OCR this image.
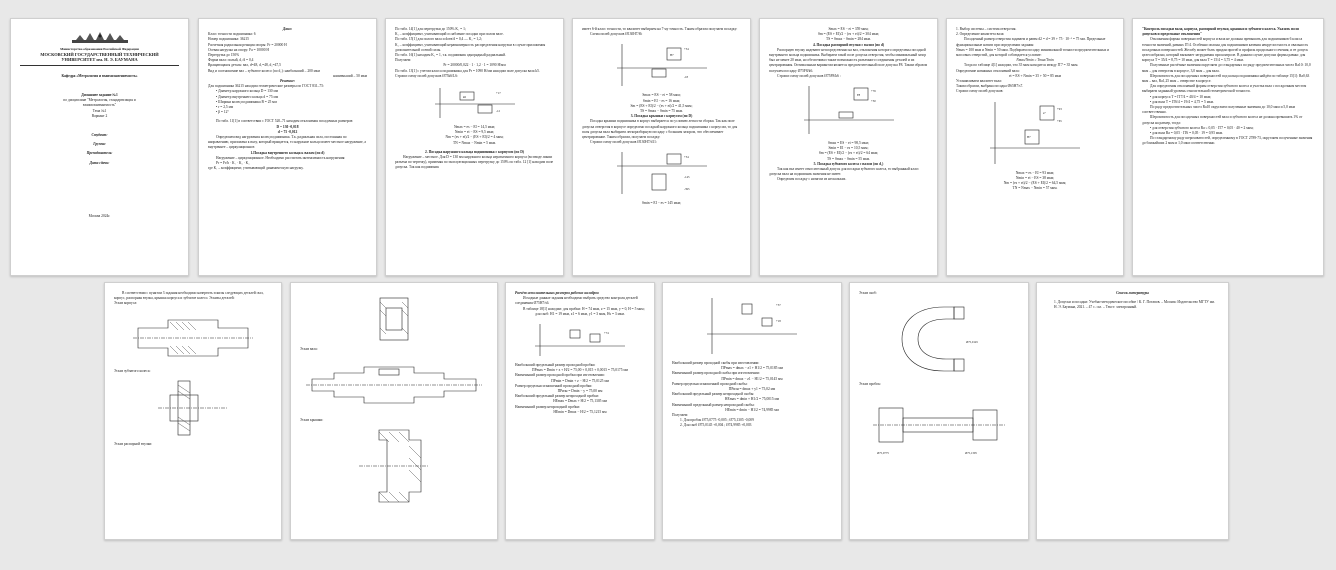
Министерство образования Российской Федерации
МОСКОВСКИЙ ГОСУДАРСТВЕННЫЙ ТЕХНИЧЕСКИЙ
УНИВЕРСИТЕТ им. Н. Э. БАУМАНА
Кафедра «Метрология и взаимозаменяемость»
Домашнее задание №1
по дисциплине "Метрология, стандартизация и
взаимозаменяемость"
Тема №1
Вариант 2
Студент:
Группа:
Преподаватель:
Дата сдачи:
Москва 2024г.
Дано:
Класс точности подшипника: 6
Номер подшипника: 36215
Расчетная радиальная реакция опоры: Fr = 20000 Н
Осевая нагрузка на опору: Fa = 10000 Н
Перегрузка до 150%
Форма вала: полый, d₁/d = 0,4
Вращающаяся деталь: вал, d=48, d₁=48, d₂=47,5
Вид и соотношение вал – зубчатое колесо (по d₂): наибольший – 200 мкм
наименьший – 50 мкм
Решение:
Для подшипника 36215 находим геометрические размеры по ГОСТ 831–75:
• Диаметр наружного кольца D = 130 мм
• Диаметр внутреннего кольца d = 75 мм
• Ширина колец подшипника B = 25 мм
• r = 2,5 мм
• β = 12°
По табл. 11[1] в соответствии с ГОСТ 520–71 находим отклонения посадочных размеров:
D = 130 -0,018
d = 75 -0,012
Определяем вид нагружения колец подшипника. Т.к. радиальная сила, постоянная по направлению, приложена к валу, который вращается, то наружное кольцо имеет местное нагружение, а внутреннее – циркуляционное.
1.Посадка внутреннего кольца к валам (по d)
Нагружение – циркуляционное. Необходимо рассчитать интенсивность нагружения:
Pr = Fr/b · K₁ · K₂ · K₃
где K₁ – коэффициент, учитывающий динамическую нагрузку.
По табл. 14[1] для перегрузки до 150% K₁ = 1;
K₂ – коэффициент, учитывающий ослабление посадки при полом вале.
По табл. 15[1] для полого вала и dотв/d = 0,4 — K₂ = 1,2;
K₃ – коэффициент, учитывающий неравномерность распределения нагрузки в случае приложения дополнительной осевой силы.
По табл. 16[1] находим K₃ = 1, т.к. подшипник однорядный радиальный.
Получаем:
Pr = 20000/0,022 · 1 · 1,2 · 1 = 1090 Н/мм
По табл. 13[1] с учетом класса подшипника для Pr = 1090 Н/мм находим поле допуска вала k5.
Строим схему полей допусков Ø75k6/L6:
+17
-12
k6
Nmax = es − EI = 14,5 мкм;
Nmin = ei − ES = 9,5 мкм;
Nm = (es + ei)/2 − (ES + EI)/2 = 4 мкм;
TN = Nmax − Nmin = 5 мкм.
2. Посадка наружного кольца подшипника с корпусом (по D)
Нагружение – местное. Для D = 130 мм наружного кольца неразъемного корпуса (во вводе линии разъема по чертежу), применяя по эксплуатационных перегрузку до 150% по табл. 12 [1] находим поле допуска. Так как подшипник
имеет 6-й класс точности, то квалитет выбираем на 7-ну точность. Таким образом получаем посадку:
Схема полей допусков Ø130H7/l6:
+54
-18
H7
Smax = ES − ei = 58 мкм;
Smin = EI − es = 16 мкм;
Sm = (ES + EI)/2 − (es + ei)/2 = 41,5 мкм;
TS = Smax − Smin = 75 мкм.
3. Посадка крышки с корпусом (по D)
Посадка крышки подшипника в корпус выбирается по условию легкости сборки. Так как поле допуска отверстия в корпусе определено посадкой наружного кольца подшипника с корпусом, то для поля допуска вала выбираем легкоразборную посадку с большим зазором, что обеспечивает центрирование. Таким образом, получаем посадку:
Строим схему полей допусков Ø130H7/d11:
+54
-145
-395
Smin = EI − es = 145 мкм;
Smax = ES − ei = 359 мкм;
Sm = (ES + EI)/2 − (es + ei)/2 = 304 мкм;
TS = Smax − Smin = 284 мкм.
4. Посадка распорной втулки с валом (по d)
Распорную втулку надевают непосредственно на вал, отклонения которого определены посадкой внутреннего кольца подшипника. Выбираем такой поле допуска отверстия, чтобы минимальный зазор был не менее 20 мкм, но обеспечивал также возможность разъемного соединения деталей и их центрирования. Оптимальным вариантом является предпочтительный поле допуска F8. Таким образом получаем посадку Ø75F8/k6.
Строим схему полей допусков Ø75F8/k6 :
+76
+30
F8
Smax = ES − ei = 98,5 мкм;
Smin = EI − es = 10,5 мкм;
Sm = (ES + EI)/2 − (es + ei)/2 = 64 мкм;
TS = Smax − Smin = 55 мкм.
5. Посадка зубчатого колеса с валом (по d₂)
Так как вал имеет относительный допуск для посадки зубчатого колеса, то выбранный класс допуска вала на подшипник значения не имеет.
Определим посадку с натягом из нескольких.
1. Выбор системы – система отверстия.
2. Определение квалитета вала:
Посадочный размер отверстия задаваем и равен d2 = d = 39 + 75 · 10⁻³ = 75 мм. Предельные функциональные натяги при определении задания:
Nmax = 100 мкм и Nmin = 50 мкм. Подбираем посадку минимальной точности предпочтительных и массовых отверстий, для которой соблюдается условие:
Nmax/Nmin ≥ Tmax/Tmin
Тогда по таблице 4[1] находим, что 35 мкм находится между IT7 = 35 мкм.
Определение натяжных отклонений вала:
ei = ES + Nmin = 35 + 50 = 85 мкм
Устанавливаем квалитет вала:
Таким образом, выбрана посадка Ø65H7/s7.
Строим схему полей допусков:
+93
+65
H7
s7
Nmax = es − EI = 93 мкм;
Nmin = ei − ES = 38 мкм;
Nm = (es + ei)/2 − (ES + EI)/2 = 64,5 мкм;
TN = Nmax − Nmin = 57 мкм.
"Контроль посадки вала, корпуса, распорной втулки, крышки и зубчатого колеса. Указать поля допусков и предельные отклонения"
Отклонения формы поверхностей корпуса и вала не должны превышать для подшипников 6 класса точности значений, равных IT/4. Особенно опасны для подшипников качения некруглостность и овальность посадочных поверхностей. Желобу может быть придан прогиб и профиль продольного сечения, и ее допуск целесообразно, который вызывает затруднения при контроле. В данном случае допуски формы равны: для корпуса T = 35/4 = 8,75 = 10 мкм, для вала T = 15/4 = 3,75 = 4 мкм.
Полученные расчётные значения округляем до стандартных по ряду предпочтительных чисел Ra10: 10,0 мкм – для отверстия в корпусе, 3,0 мкм – для вала.
Шероховатость для посадочных поверхностей под кольца подшипника найдём по таблице 15[1]: Ra0,63 мкм – вал, Ra1,25 мкм – отверстие в корпусе.
Для определения отклонений формы отверстия зубчатого колеса и участка вала с посадочным местом выбираем заданный уровень относительной геометрической точности.
• для корпуса T = IT7/4 = 40/4 = 10 мкм;
• для вала T = IT6/4 = 19/4 = 4,75 = 5 мкм.
По ряду предпочтительных чисел Ra10 округляем полученные значения до 10,0 мкм и 5,0 мкм соответственно.
Шероховатость для посадочных поверхностей вала и зубчатого колеса не должна превышать 1% от допуска на размер, тогда:
• для отверстия зубчатого колеса Ra ≤ 0,05 · IT7 = 0,05 · 40 = 2 мкм;
• для вала Ra = 0,05 · IT6 = 0,05 · 19 = 0,95 мкм.
По стандартному ряду шероховатостей, определенному в ГОСТ 2789-73, округляем полученные значения до ближайших 2 мкм и 1,0 мкм соответственно.
В соответствии с пунктом 3 задания необходимо начертить эскизы следующих деталей: вал, корпус, распорная втулка, крышка корпуса и зубчатое колесо. Эскизы деталей:
Эскиз корпуса:
Эскиз зубчатого колеса:
Эскиз распорной втулки:
Эскиз вала:
Эскиз крышки:
Расчёт исполнительных размеров рабочих калибров
Исходные данные задания необходимо выбрать средство контроля деталей соединения Ø75H7/s6.
В таблице 18[1] находим: для пробки: H = 74 мкм, z = 15 мкм, y = 0, H = 5 мкм;
для скоб: H1 = 19 мкм, z1 = 6 мкм, y1 = 3 мкм, Hs = 3 мкм.
+74
Наибольший предельный размер проходной пробки:
ПРmax = Dmin + z + H/2 = 75,00 + 0,015 + 0,0015 = 75,0175 мм
Наименьший размер проходной пробки при изготовлении:
ПРmin = Dmin + z − H/2 = 75,0125 мм
Размер предельно изношенной проходной пробки:
ПРизн = Dmin − y = 75,00 мм
Наибольший предельный размер непроходной пробки:
НЕmax = Dmax + H/2 = 75,1305 мм
Наименьший размер непроходной пробки:
НЕmin = Dmax − H/2 = 75,1215 мм
+37
+18
Наибольший размер проходной скобы при изготовлении:
ПРmax = dmax − z1 + H1/2 = 75,0185 мм
Наименьший размер проходной скобы при изготовлении:
ПРmin = dmax − z1 − H1/2 = 75,0145 мм
Размер предельно изношенной проходной скобы:
ПРизн = dmax + y1 = 75,02 мм
Наибольший предельный размер непроходной скобы:
НЕmax = dmin + H1/2 = 75,0015 мм
Наименьший предельный размер непроходной скобы:
НЕmin = dmin − H1/2 = 74,9985 мм
Получаем:
1. Для пробок Ø75,0775 -0,005 ; Ø75,1305 -0,009
2. Для скоб Ø75,0145 +0,004 ; Ø74,9985 +0,003
Эскиз скоб:
Ø75,0145
Эскиз пробок:
Ø75,0775	Ø75,1305
Список литературы
1. Допуски и посадки: Учебно-методическое пособие / К. Г. Потапов. – Москва: Издательство МГТУ им. Н. Э. Баумана, 2021. – 47 с.: ил. – Текст: электронный.
